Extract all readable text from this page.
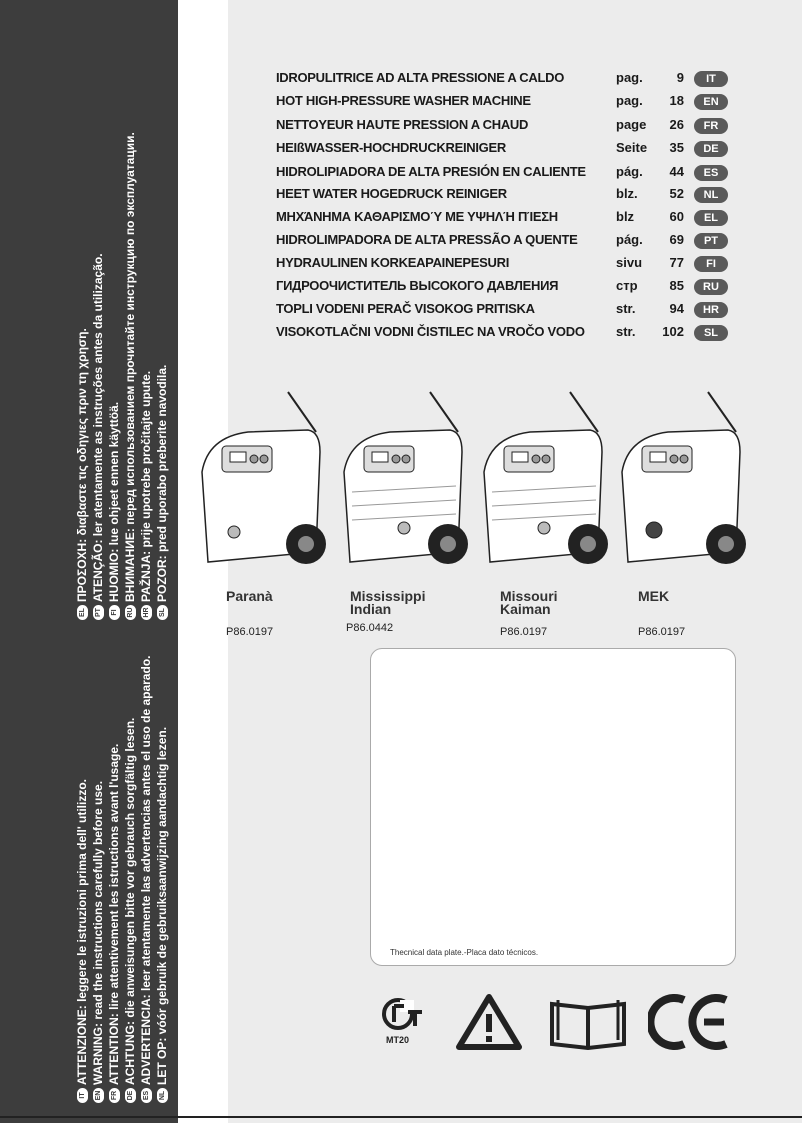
IT
ATTENZIONE: leggere le istruzioni prima dell' utilizzo.
EN
WARNING: read the instructions carefully before use.
FR
ATTENTION: lire attentivement les istructions avant l'usage.
DE
ACHTUNG: die anweisungen bitte vor gebrauch sorgfältig lesen.
ES
ADVERTENCIA: leer atentamente las advertencias antes el uso de aparado.
NL
LET OP: vóór gebruik de gebruiksaanwijzing aandachtig lezen.
EL
ΠΡΟΣΟΧΗ: διαβαστε τις οδηγιες πριν τη χρηση.
PT
ATENÇÃO: ler atentamente as instruções antes da utilização.
FI
HUOMIO: lue ohjeet ennen käyttöä.
RU
ВНИМАНИЕ: перед использованием прочитайте инструкцию по эксплуатации.
HR
PAŽNJA: prije upotrebe pročitajte upute.
SL
POZOR: pred uporabo preberite navodila.
IDROPULITRICE AD ALTA PRESSIONE A CALDO	pag.	9	IT
HOT HIGH-PRESSURE WASHER MACHINE	pag.	18	EN
NETTOYEUR HAUTE PRESSION A CHAUD	page	26	FR
HEIßWASSER-HOCHDRUCKREINIGER	Seite	35	DE
HIDROLIPIADORA DE ALTA PRESIÓN EN CALIENTE pág.	44	ES
HEET WATER HOGEDRUCK REINIGER	blz.	52	NL
ΜΗΧΆΝΗΜΑ ΚΑΘΑΡΙΣΜΟΎ ΜΕ ΥΨΗΛΉ ΠΊΕΣΗ	blz	60	EL
HIDROLIMPADORA DE ALTA PRESSÃO A QUENTE	pág.	69	PT
HYDRAULINEN KORKEAPAINEPESURI	sivu	77	FI
ГИДРООЧИСТИТЕЛЬ ВЫСОКОГО ДАВЛЕНИЯ	стр	85	RU
TOPLI VODENI PERAČ VISOKOG PRITISKA	str.	94	HR
VISOKOTLAČNI VODNI ČISTILEC NA VROČO VODO str.	102	SL
Paranà	Mississippi
Indian
Missouri
Kaiman
MEK
P86.0197	P86.0442	P86.0197	P86.0197
Thecnical data plate.-Placa dato técnicos.
MT20
